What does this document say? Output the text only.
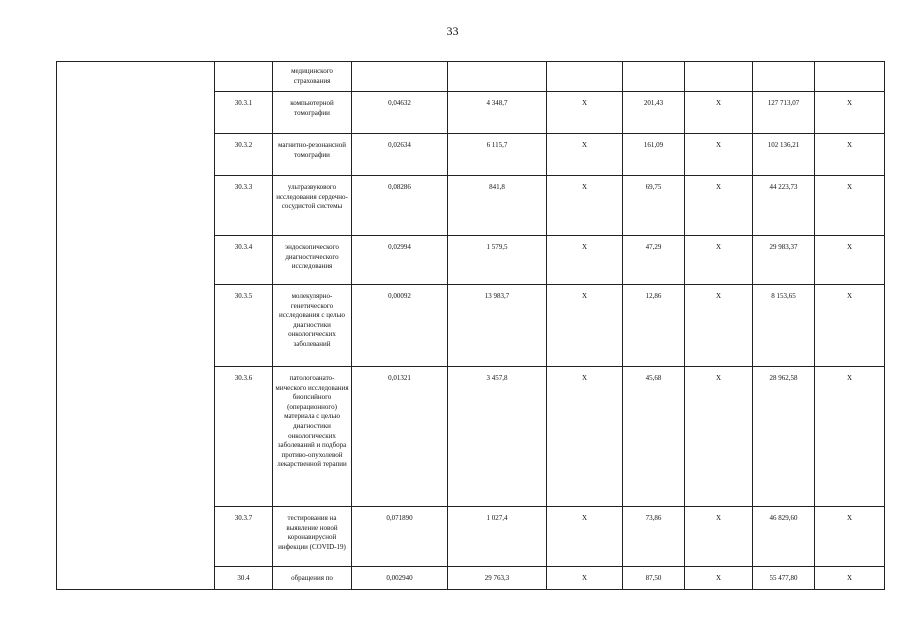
33
		медицинского страхования							
	30.3.1	компьютерной томографии	0,04632	4 348,7	Х	201,43	Х	127 713,07	Х
	30.3.2	магнитно-резонансной томографии	0,02634	6 115,7	Х	161,09	Х	102 136,21	Х
	30.3.3	ультразвукового исследования сердечно-сосудистой системы	0,08286	841,8	Х	69,75	Х	44 223,73	Х
	30.3.4	эндоскопического диагностического исследования	0,02994	1 579,5	Х	47,29	Х	29 983,37	Х
	30.3.5	молекулярно-генетического исследования с целью диагностики онкологических заболеваний	0,00092	13 983,7	Х	12,86	Х	8 153,65	Х
	30.3.6	патологоанато-мического исследования биопсийного (операционного) материала с целью диагностики онкологических заболеваний и подбора противо-опухолевой лекарственной терапии	0,01321	3 457,8	Х	45,68	Х	28 962,58	Х
	30.3.7	тестирования на выявление новой коронавирусной инфекции (COVID-19)	0,071890	1 027,4	Х	73,86	Х	46 829,60	Х
	30.4	обращения по	0,002940	29 763,3	Х	87,50	Х	55 477,80	Х
